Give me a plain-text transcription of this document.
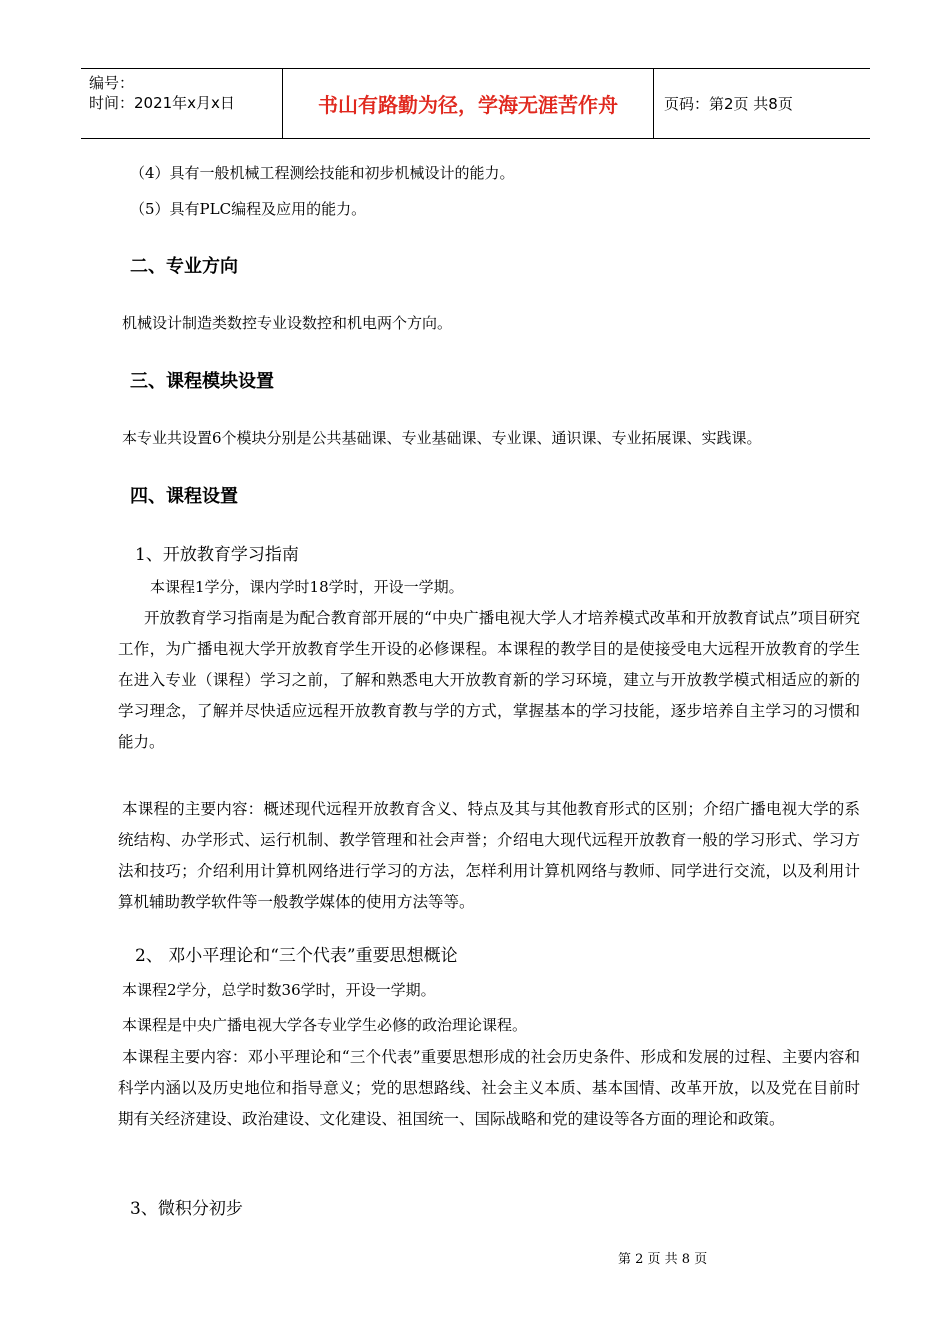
编号：
时间：2021年x月x日	书山有路勤为径，学海无涯苦作舟	页码：第2页 共8页
（4）具有一般机械工程测绘技能和初步机械设计的能力。
（5）具有PLC编程及应用的能力。
二、专业方向
机械设计制造类数控专业设数控和机电两个方向。
三、课程模块设置
本专业共设置6个模块分别是公共基础课、专业基础课、专业课、通识课、专业拓展课、实践课。
四、课程设置
1、开放教育学习指南
本课程1学分，课内学时18学时，开设一学期。
开放教育学习指南是为配合教育部开展的“中央广播电视大学人才培养模式改革和开放教育试点”项目研究工作，为广播电视大学开放教育学生开设的必修课程。本课程的教学目的是使接受电大远程开放教育的学生在进入专业（课程）学习之前，了解和熟悉电大开放教育新的学习环境，建立与开放教学模式相适应的新的学习理念，了解并尽快适应远程开放教育教与学的方式，掌握基本的学习技能，逐步培养自主学习的习惯和能力。
本课程的主要内容：概述现代远程开放教育含义、特点及其与其他教育形式的区别；介绍广播电视大学的系统结构、办学形式、运行机制、教学管理和社会声誉；介绍电大现代远程开放教育一般的学习形式、学习方法和技巧；介绍利用计算机网络进行学习的方法，怎样利用计算机网络与教师、同学进行交流，以及利用计算机辅助教学软件等一般教学媒体的使用方法等等。
2、 邓小平理论和“三个代表”重要思想概论
本课程2学分，总学时数36学时，开设一学期。
本课程是中央广播电视大学各专业学生必修的政治理论课程。
本课程主要内容：邓小平理论和“三个代表”重要思想形成的社会历史条件、形成和发展的过程、主要内容和科学内涵以及历史地位和指导意义；党的思想路线、社会主义本质、基本国情、改革开放，以及党在目前时期有关经济建设、政治建设、文化建设、祖国统一、国际战略和党的建设等各方面的理论和政策。
3、微积分初步
第 2 页 共 8 页
